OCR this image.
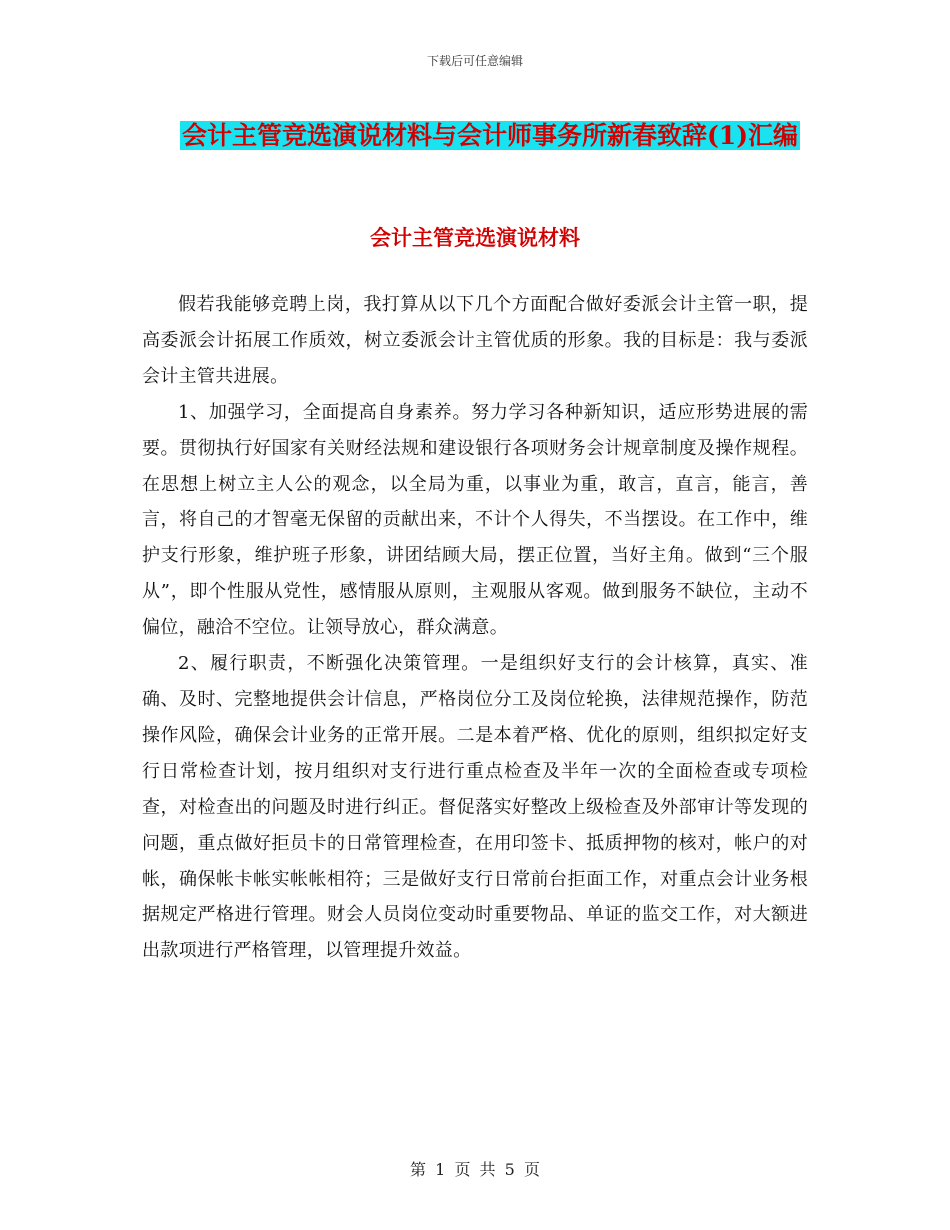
下载后可任意编辑
会计主管竞选演说材料与会计师事务所新春致辞(1)汇编
会计主管竞选演说材料

假若我能够竞聘上岗，我打算从以下几个方面配合做好委派会计主管一职，提高委派会计拓展工作质效，树立委派会计主管优质的形象。我的目标是：我与委派会计主管共进展。

1、加强学习，全面提高自身素养。努力学习各种新知识，适应形势进展的需要。贯彻执行好国家有关财经法规和建设银行各项财务会计规章制度及操作规程。在思想上树立主人公的观念，以全局为重，以事业为重，敢言，直言，能言，善言，将自己的才智毫无保留的贡献出来，不计个人得失，不当摆设。在工作中，维护支行形象，维护班子形象，讲团结顾大局，摆正位置，当好主角。做到“三个服从”，即个性服从党性，感情服从原则，主观服从客观。做到服务不缺位，主动不偏位，融洽不空位。让领导放心，群众满意。

2、履行职责，不断强化决策管理。一是组织好支行的会计核算，真实、准确、及时、完整地提供会计信息，严格岗位分工及岗位轮换，法律规范操作，防范操作风险，确保会计业务的正常开展。二是本着严格、优化的原则，组织拟定好支行日常检查计划，按月组织对支行进行重点检查及半年一次的全面检查或专项检查，对检查出的问题及时进行纠正。督促落实好整改上级检查及外部审计等发现的问题，重点做好拒员卡的日常管理检查，在用印签卡、抵质押物的核对，帐户的对帐，确保帐卡帐实帐帐相符；三是做好支行日常前台拒面工作，对重点会计业务根据规定严格进行管理。财会人员岗位变动时重要物品、单证的监交工作，对大额进出款项进行严格管理，以管理提升效益。

第 1 页 共 5 页
